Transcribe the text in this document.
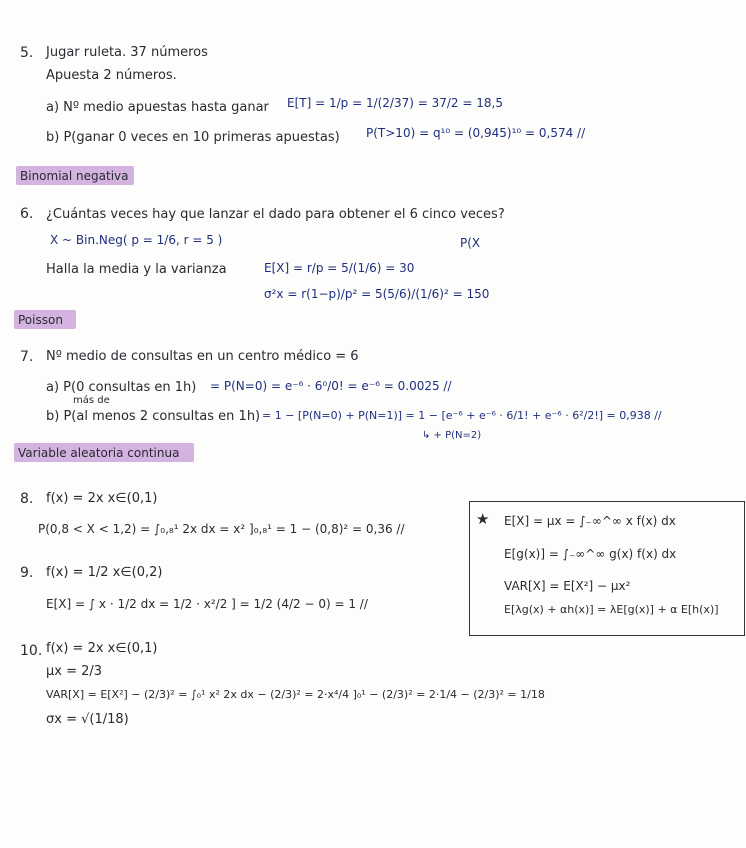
5. Jugar ruleta. 37 números
Apuesta 2 números.
a) Nº medio apuestas hasta ganar E[T] = 1/p = 1/(2/37) = 37/2 = 18,5
b) P(ganar 0 veces en 10 primeras apuestas) P(T>10) = q¹⁰ = (0,945)¹⁰ = 0,574 //
Binomial negativa
6. ¿Cuántas veces hay que lanzar el dado para obtener el 6 cinco veces?
X ~ Bin.Neg( p = 1/6, r = 5 )	P(X
Halla la media y la varianza	E[X] = r/p = 5/(1/6) = 30
σ²x = r(1−p)/p² = 5(5/6)/(1/6)² = 150
Poisson
7. Nº medio de consultas en un centro médico = 6
a) P(0 consultas en 1h) = P(N=0) = e⁻⁶ · 6⁰/0! = e⁻⁶ = 0.0025 //
más de
b) P(al menos 2 consultas en 1h) = 1 − [P(N=0) + P(N=1)] = 1 − [e⁻⁶ + e⁻⁶ · 6/1! + e⁻⁶ · 6²/2!] = 0,938 //
↳ + P(N=2)
Variable aleatoria continua
8. f(x) = 2x x∈(0,1)
P(0,8 < X < 1,2) = ∫₀,₈¹ 2x dx = x² ]₀,₈¹ = 1 − (0,8)² = 0,36 //
9. f(x) = 1/2 x∈(0,2)
E[X] = ∫ x · 1/2 dx = 1/2 · x²/2 ] = 1/2 (4/2 − 0) = 1 //
10. f(x) = 2x x∈(0,1)
μx = 2/3
VAR[X] = E[X²] − (2/3)² = ∫₀¹ x² 2x dx − (2/3)² = 2·x⁴/4 ]₀¹ − (2/3)² = 2·1/4 − (2/3)² = 1/18
σx = √(1/18)
★ E[X] = μx = ∫₋∞^∞ x f(x) dx
E[g(x)] = ∫₋∞^∞ g(x) f(x) dx
VAR[X] = E[X²] − μx²
E[λg(x) + αh(x)] = λE[g(x)] + α E[h(x)]
